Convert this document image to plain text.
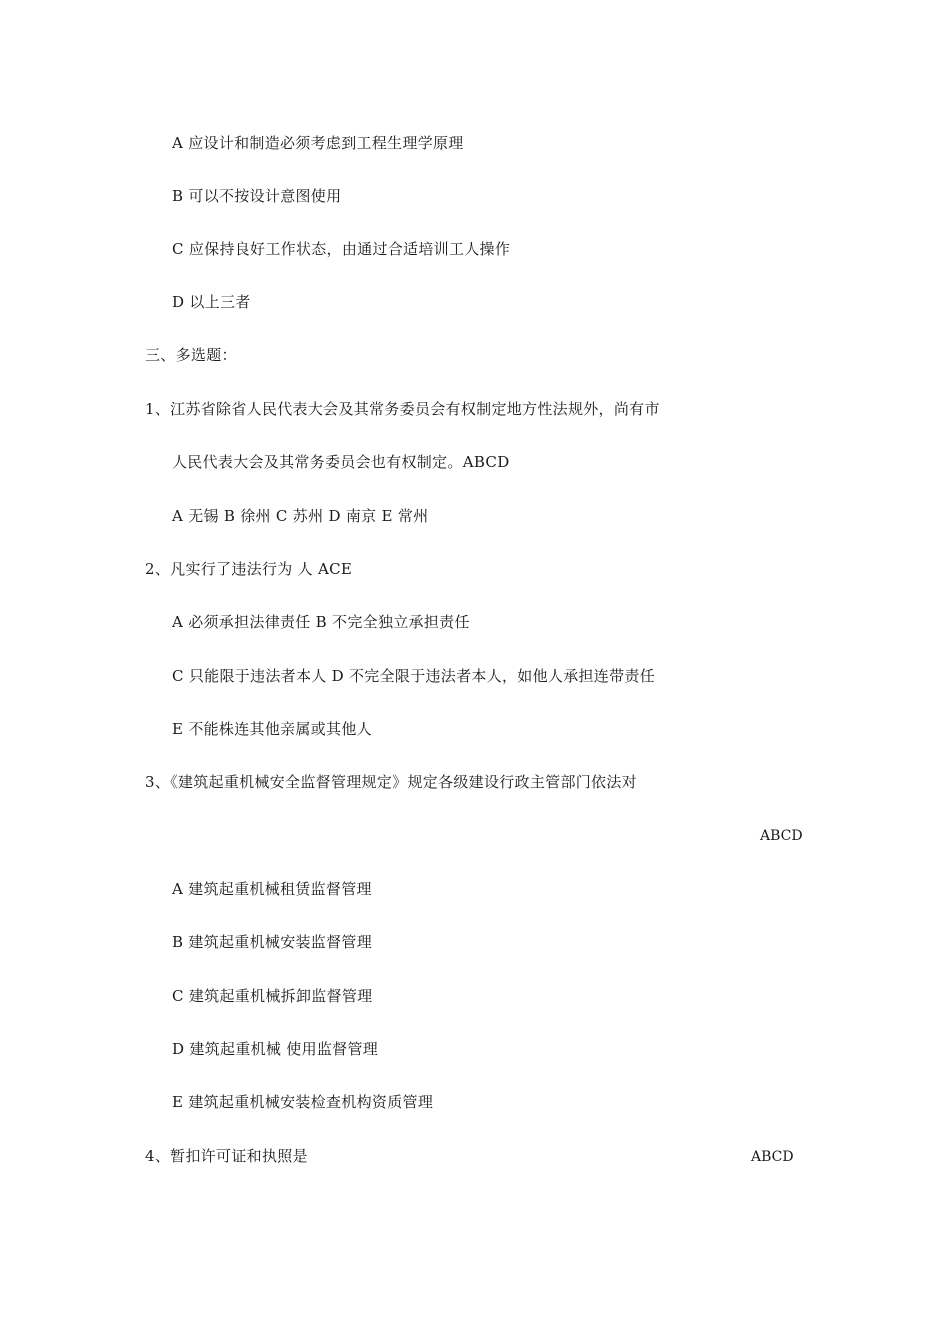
A 应设计和制造必须考虑到工程生理学原理
B 可以不按设计意图使用
C 应保持良好工作状态，由通过合适培训工人操作
D 以上三者
三、多选题：
1、江苏省除省人民代表大会及其常务委员会有权制定地方性法规外，尚有市
人民代表大会及其常务委员会也有权制定。ABCD
A 无锡 B 徐州 C 苏州 D 南京 E 常州
2、凡实行了违法行为 人 ACE
A 必须承担法律责任 B 不完全独立承担责任
C 只能限于违法者本人 D 不完全限于违法者本人，如他人承担连带责任
E 不能株连其他亲属或其他人
3、《建筑起重机械安全监督管理规定》规定各级建设行政主管部门依法对
ABCD
A 建筑起重机械租赁监督管理
B 建筑起重机械安装监督管理
C 建筑起重机械拆卸监督管理
D 建筑起重机械 使用监督管理
E 建筑起重机械安装检查机构资质管理
4、暂扣许可证和执照是	ABCD
